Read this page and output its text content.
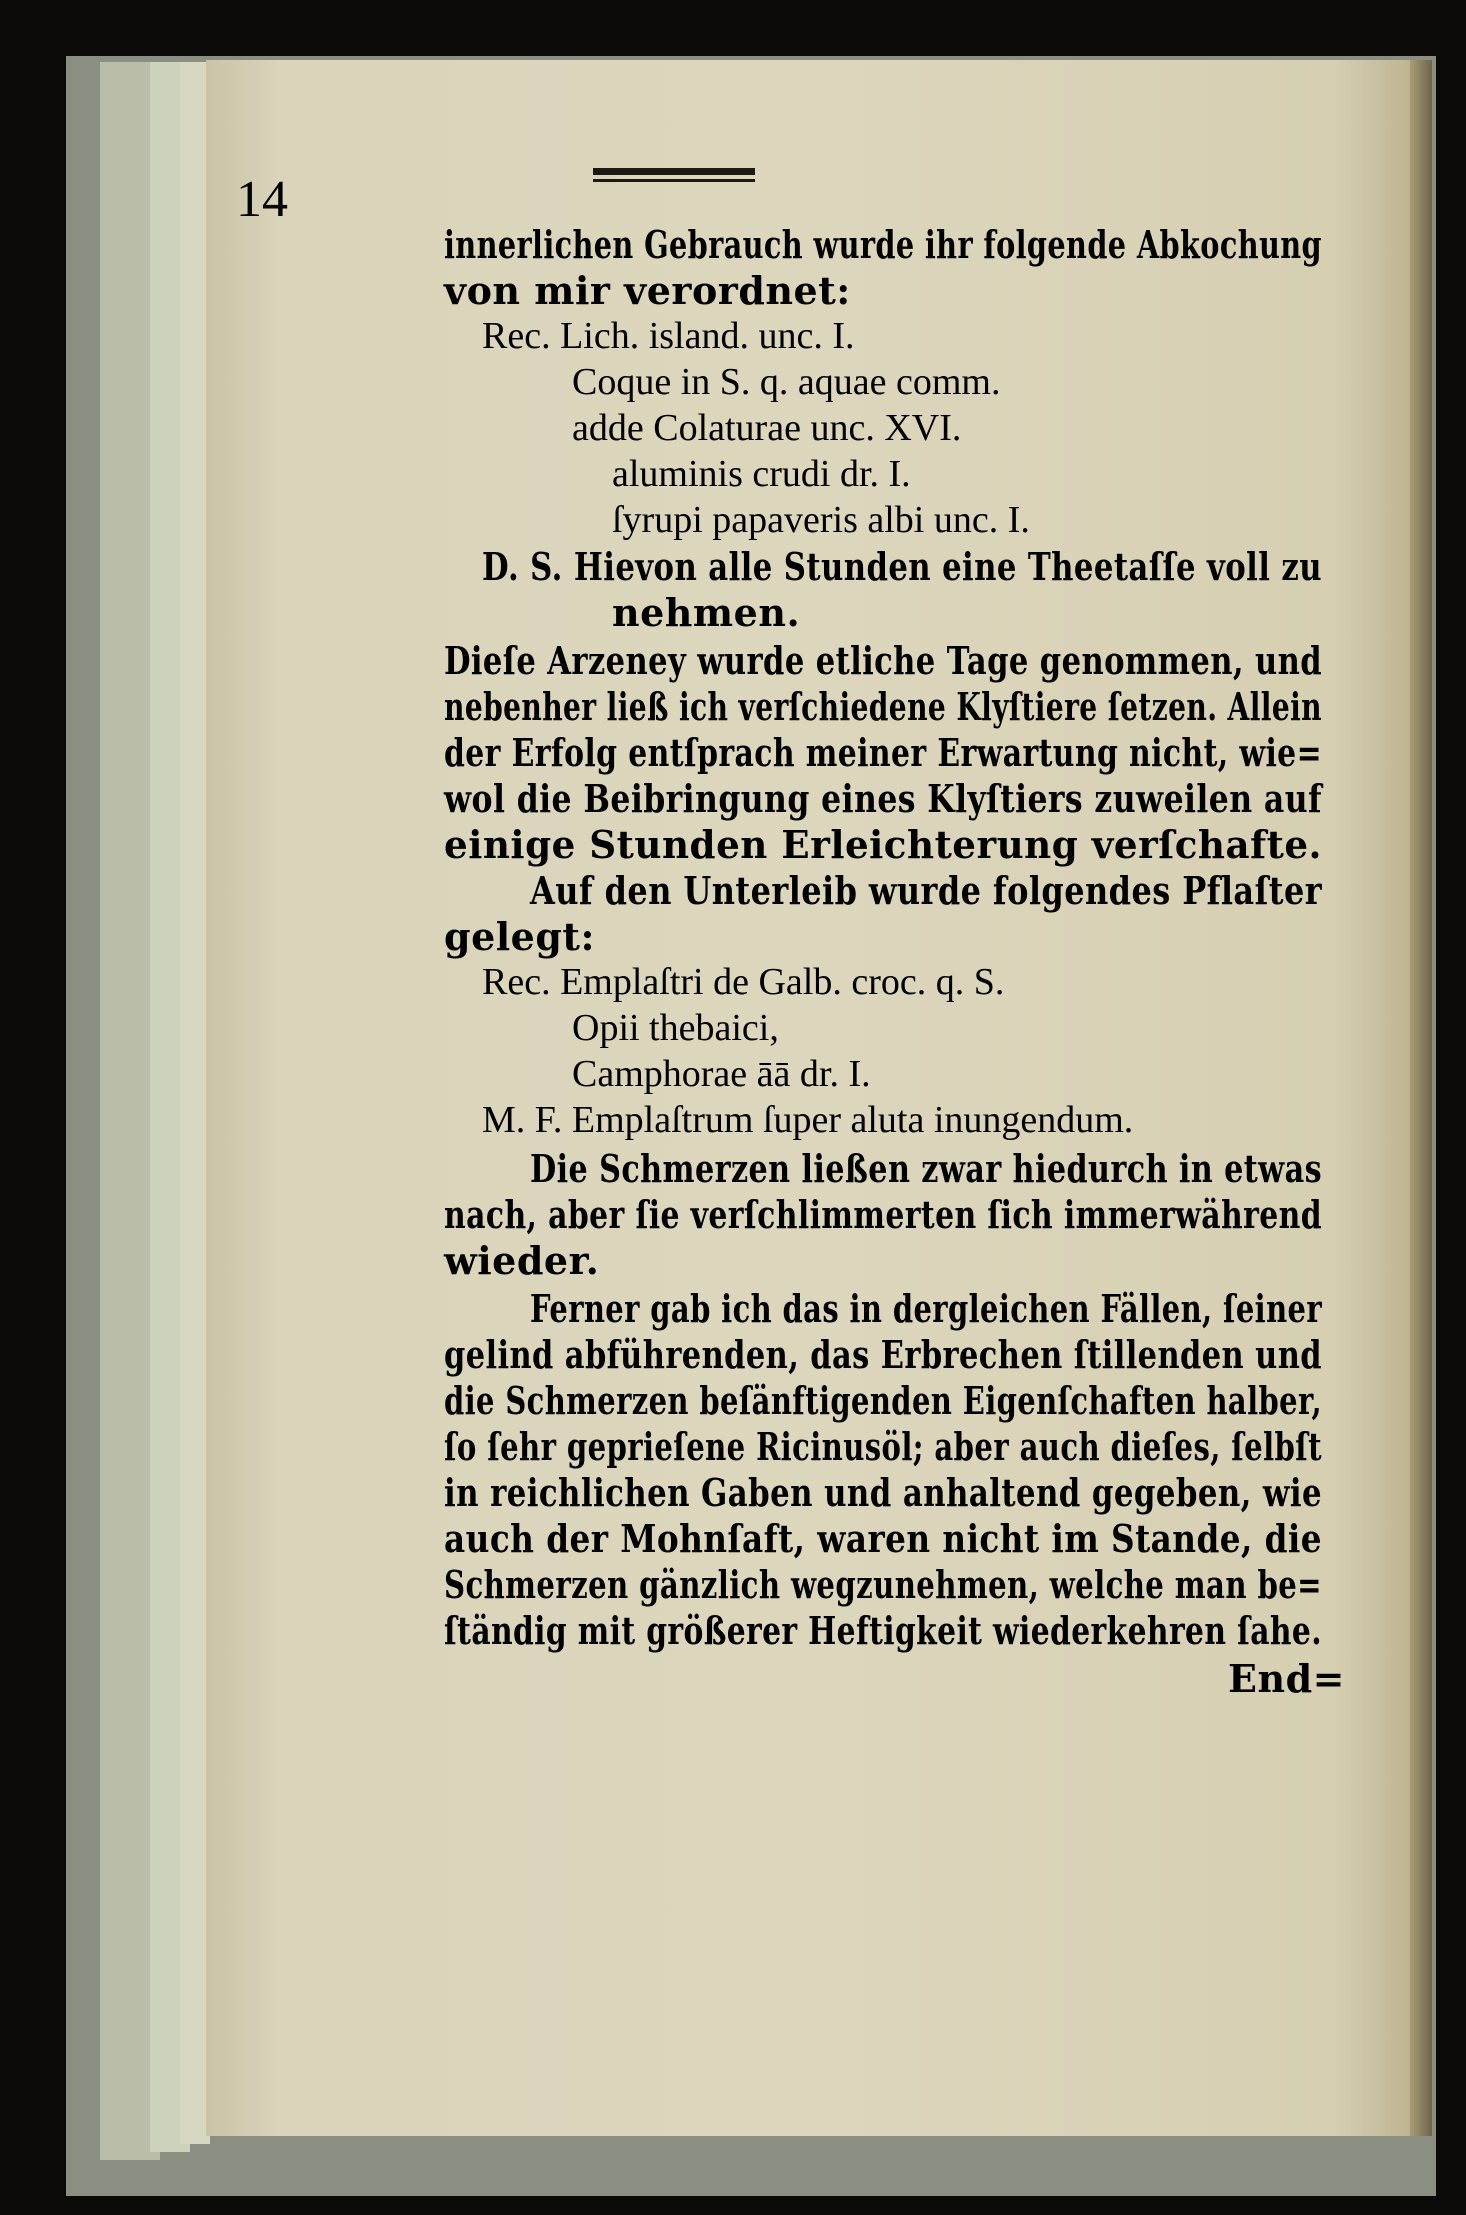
14
innerlichen Gebrauch wurde ihr folgende Abkochung
von mir verordnet:
Rec. Lich. island. unc. I.
Coque in S. q. aquae comm.
adde Colaturae unc. XVI.
aluminis crudi dr. I.
ſyrupi papaveris albi unc. I.
D. S. Hievon alle Stunden eine Theetaſſe voll zu
nehmen.
Dieſe Arzeney wurde etliche Tage genommen, und
nebenher ließ ich verſchiedene Klyſtiere ſetzen. Allein
der Erfolg entſprach meiner Erwartung nicht, wie=
wol die Beibringung eines Klyſtiers zuweilen auf
einige Stunden Erleichterung verſchafte.
Auf den Unterleib wurde folgendes Pflaſter
gelegt:
Rec. Emplaſtri de Galb. croc. q. S.
Opii thebaici,
Camphorae āā dr. I.
M. F. Emplaſtrum ſuper aluta inungendum.
Die Schmerzen ließen zwar hiedurch in etwas
nach, aber ſie verſchlimmerten ſich immerwährend
wieder.
Ferner gab ich das in dergleichen Fällen, ſeiner
gelind abführenden, das Erbrechen ſtillenden und
die Schmerzen beſänftigenden Eigenſchaften halber,
ſo ſehr geprieſene Ricinusöl; aber auch dieſes, ſelbſt
in reichlichen Gaben und anhaltend gegeben, wie
auch der Mohnſaft, waren nicht im Stande, die
Schmerzen gänzlich wegzunehmen, welche man be=
ſtändig mit größerer Heftigkeit wiederkehren ſahe.
End=
